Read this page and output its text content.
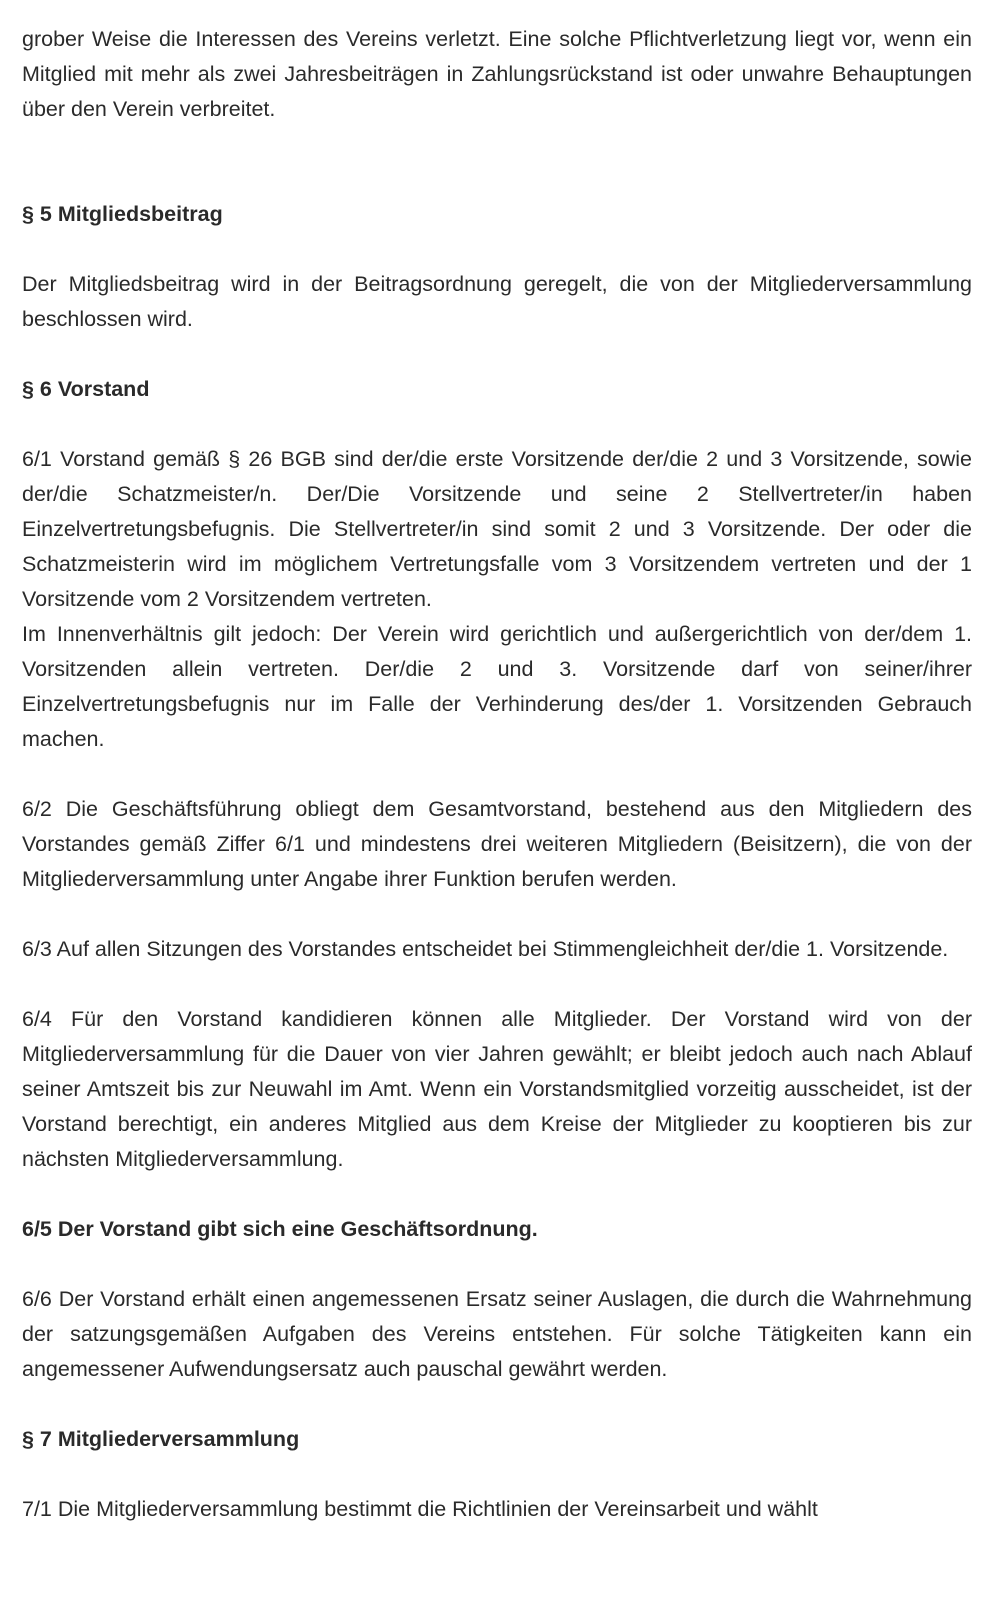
grober Weise die Interessen des Vereins verletzt. Eine solche Pflichtverletzung liegt vor, wenn ein Mitglied mit mehr als zwei Jahresbeiträgen in Zahlungsrückstand ist oder unwahre Behauptungen über den Verein verbreitet.

§ 5 Mitgliedsbeitrag

Der Mitgliedsbeitrag wird in der Beitragsordnung geregelt, die von der Mitgliederversammlung beschlossen wird.

§ 6 Vorstand

6/1 Vorstand gemäß § 26 BGB sind der/die erste Vorsitzende der/die 2 und 3 Vorsitzende, sowie der/die Schatzmeister/n. Der/Die Vorsitzende und seine 2 Stellvertreter/in haben Einzelvertretungsbefugnis. Die Stellvertreter/in sind somit 2 und 3 Vorsitzende. Der oder die Schatzmeisterin wird im möglichem Vertretungsfalle vom 3 Vorsitzendem vertreten und der 1 Vorsitzende vom 2 Vorsitzendem vertreten.

Im Innenverhältnis gilt jedoch: Der Verein wird gerichtlich und außergerichtlich von der/dem 1. Vorsitzenden allein vertreten. Der/die 2 und 3. Vorsitzende darf von seiner/ihrer Einzelvertretungsbefugnis nur im Falle der Verhinderung des/der 1. Vorsitzenden Gebrauch machen.

6/2 Die Geschäftsführung obliegt dem Gesamtvorstand, bestehend aus den Mitgliedern des Vorstandes gemäß Ziffer 6/1 und mindestens drei weiteren Mitgliedern (Beisitzern), die von der Mitgliederversammlung unter Angabe ihrer Funktion berufen werden.

6/3 Auf allen Sitzungen des Vorstandes entscheidet bei Stimmengleichheit der/die 1. Vorsitzende.

6/4 Für den Vorstand kandidieren können alle Mitglieder. Der Vorstand wird von der Mitgliederversammlung für die Dauer von vier Jahren gewählt; er bleibt jedoch auch nach Ablauf seiner Amtszeit bis zur Neuwahl im Amt. Wenn ein Vorstandsmitglied vorzeitig ausscheidet, ist der Vorstand berechtigt, ein anderes Mitglied aus dem Kreise der Mitglieder zu kooptieren bis zur nächsten Mitgliederversammlung.

6/5 Der Vorstand gibt sich eine Geschäftsordnung.

6/6 Der Vorstand erhält einen angemessenen Ersatz seiner Auslagen, die durch die Wahrnehmung der satzungsgemäßen Aufgaben des Vereins entstehen. Für solche Tätigkeiten kann ein angemessener Aufwendungsersatz auch pauschal gewährt werden.

§ 7 Mitgliederversammlung

7/1 Die Mitgliederversammlung bestimmt die Richtlinien der Vereinsarbeit und wählt
